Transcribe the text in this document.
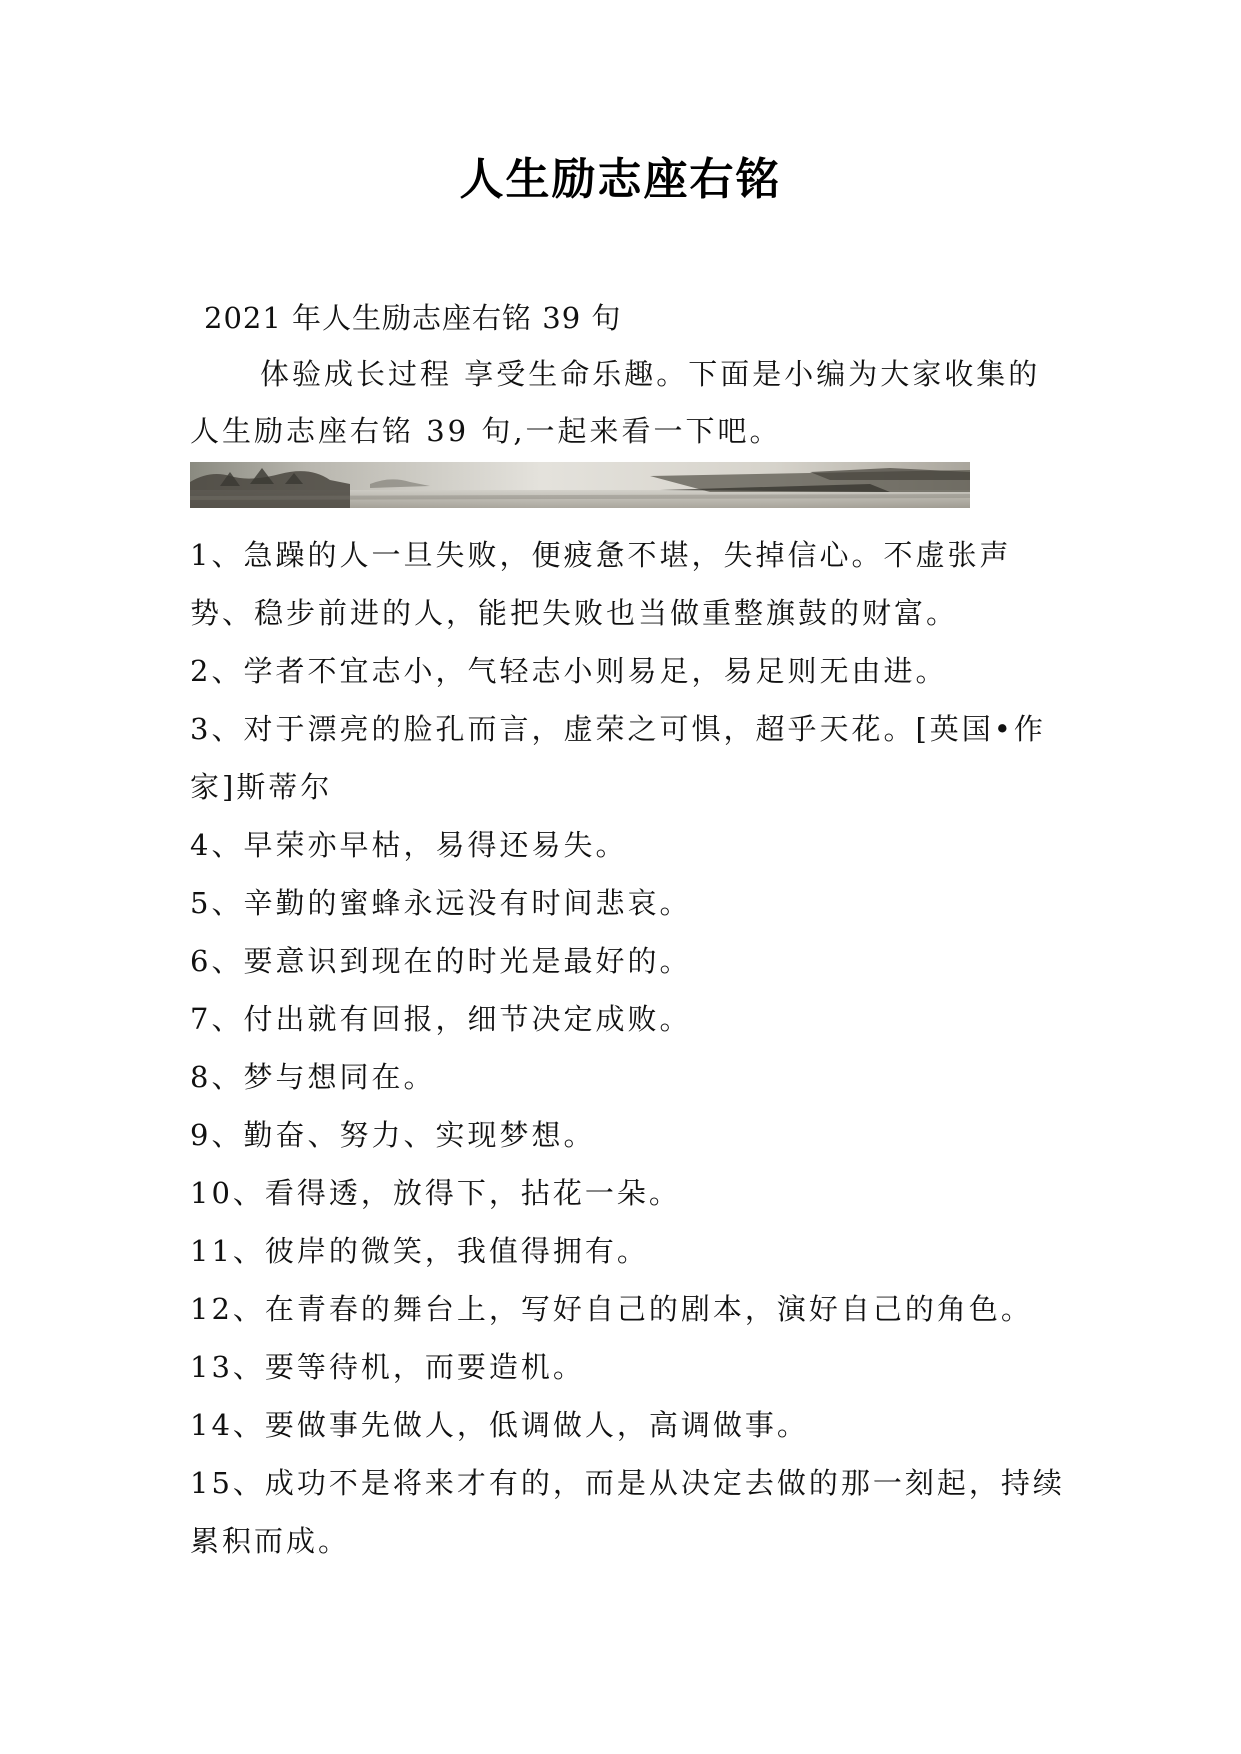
人生励志座右铭
2021 年人生励志座右铭 39 句
体验成长过程 享受生命乐趣。下面是小编为大家收集的人生励志座右铭 39 句,一起来看一下吧。
1、急躁的人一旦失败，便疲惫不堪，失掉信心。不虚张声势、稳步前进的人，能把失败也当做重整旗鼓的财富。
2、学者不宜志小，气轻志小则易足，易足则无由进。
3、对于漂亮的脸孔而言，虚荣之可惧，超乎天花。[英国•作家]斯蒂尔
4、早荣亦早枯，易得还易失。
5、辛勤的蜜蜂永远没有时间悲哀。
6、要意识到现在的时光是最好的。
7、付出就有回报，细节决定成败。
8、梦与想同在。
9、勤奋、努力、实现梦想。
10、看得透，放得下，拈花一朵。
11、彼岸的微笑，我值得拥有。
12、在青春的舞台上，写好自己的剧本，演好自己的角色。
13、要等待机，而要造机。
14、要做事先做人，低调做人，高调做事。
15、成功不是将来才有的，而是从决定去做的那一刻起，持续累积而成。
